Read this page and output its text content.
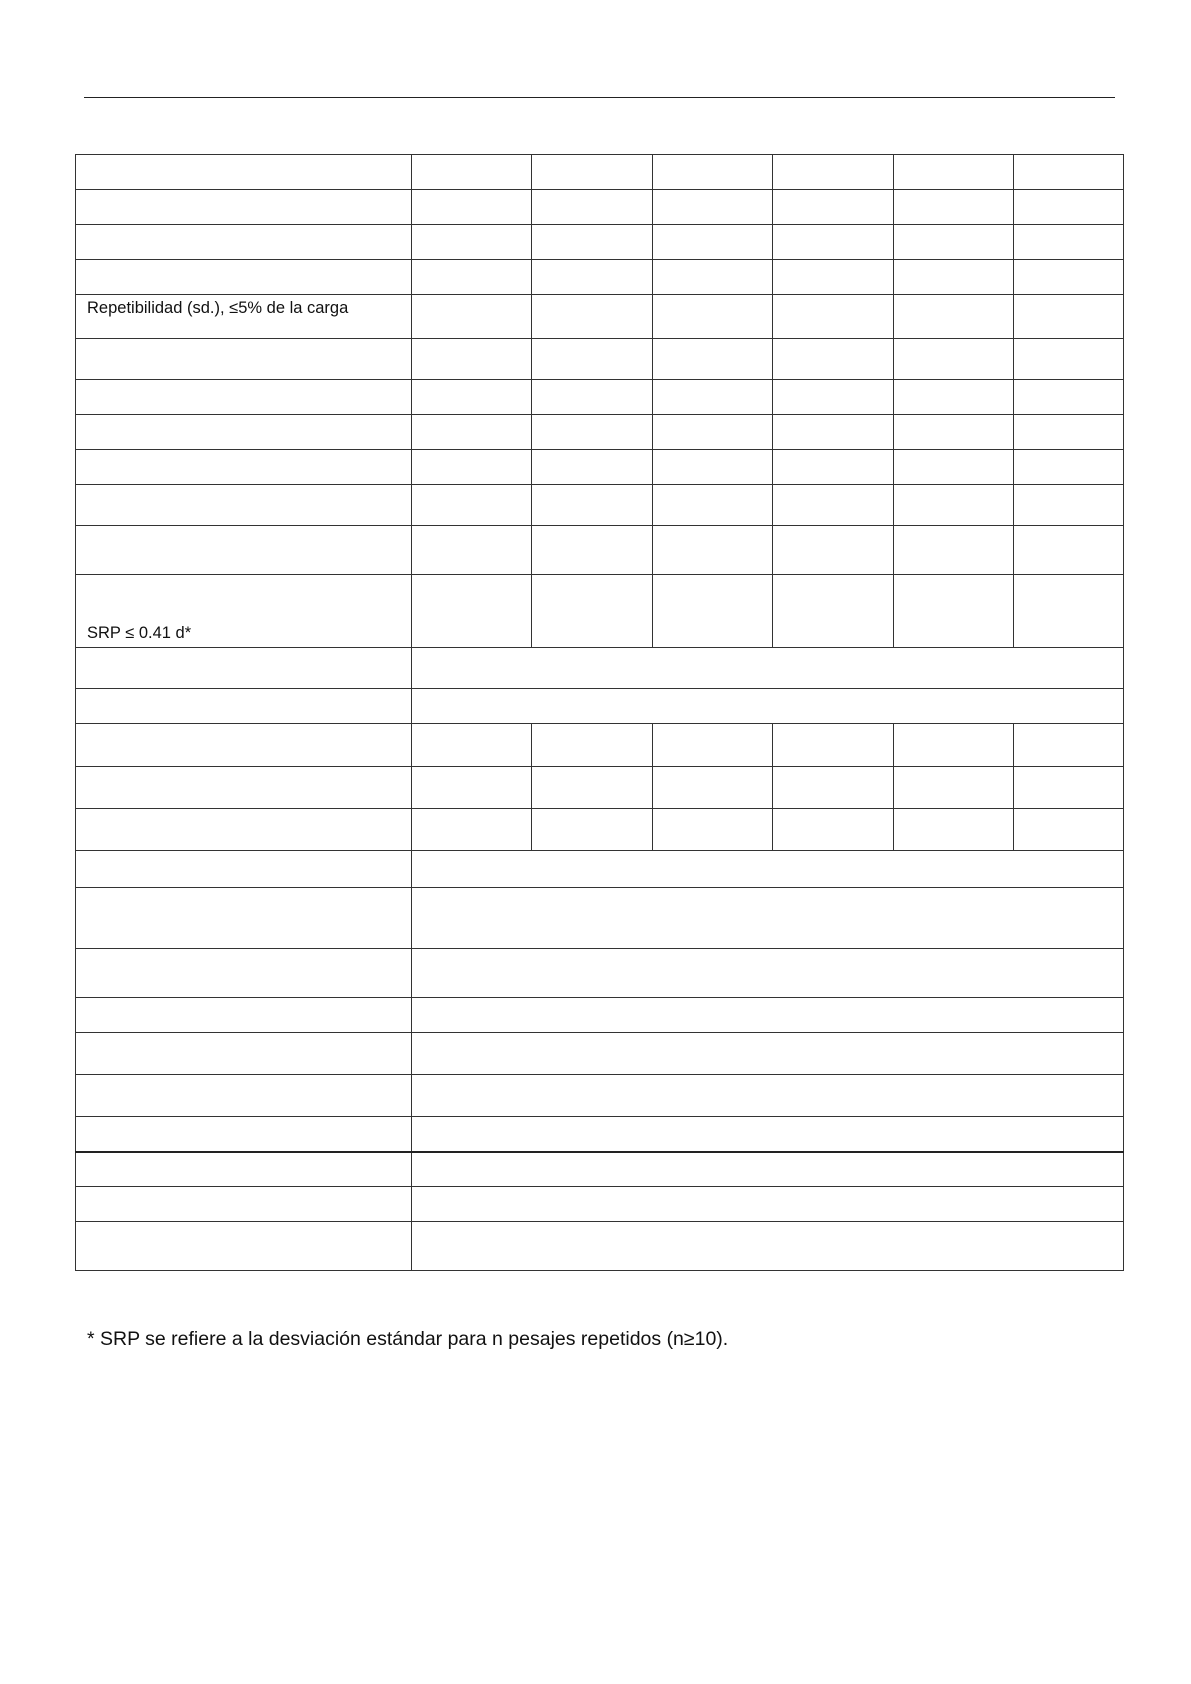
Repetibilidad (sd.), ≤5% de la carga						

SRP ≤ 0.41 d*						

* SRP se refiere a la desviación estándar para n pesajes repetidos (n≥10).
